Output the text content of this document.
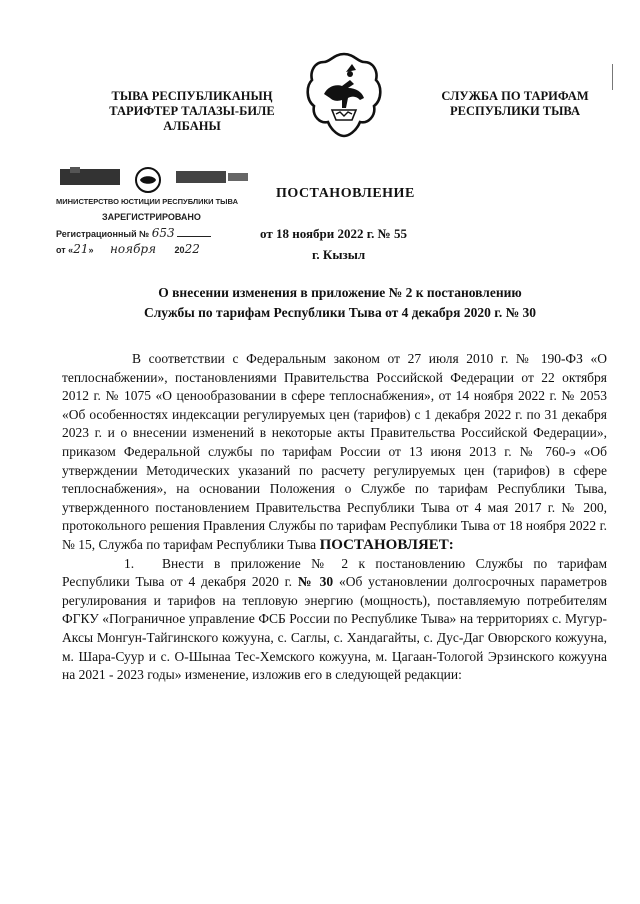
ТЫВА РЕСПУБЛИКАНЫҢ
ТАРИФТЕР ТАЛАЗЫ-БИЛЕ
АЛБАНЫ
СЛУЖБА ПО ТАРИФАМ
РЕСПУБЛИКИ ТЫВА
МИНИСТЕРСТВО ЮСТИЦИИ РЕСПУБЛИКИ ТЫВА
ЗАРЕГИСТРИРОВАНО
Регистрационный № 653
от «21» ноября 2022
ПОСТАНОВЛЕНИЕ
от 18 ноябри 2022 г. № 55
г. Кызыл
О внесении изменения в приложение № 2 к постановлению
Службы по тарифам Республики Тыва от 4 декабря 2020 г. № 30

В соответствии с Федеральным законом от 27 июля 2010 г. № 190-ФЗ «О теплоснабжении», постановлениями Правительства Российской Федерации от 22 октября 2012 г. № 1075 «О ценообразовании в сфере теплоснабжения», от 14 ноября 2022 г. № 2053 «Об особенностях индексации регулируемых цен (тарифов) с 1 декабря 2022 г. по 31 декабря 2023 г. и о внесении изменений в некоторые акты Правительства Российской Федерации», приказом Федеральной службы по тарифам России от 13 июня 2013 г. № 760-э «Об утверждении Методических указаний по расчету регулируемых цен (тарифов) в сфере теплоснабжения», на основании Положения о Службе по тарифам Республики Тыва, утвержденного постановлением Правительства Республики Тыва от 4 мая 2017 г. № 200, протокольного решения Правления Службы по тарифам Республики Тыва от 18 ноября 2022 г. № 15, Служба по тарифам Республики Тыва ПОСТАНОВЛЯЕТ:

1. Внести в приложение № 2 к постановлению Службы по тарифам Республики Тыва от 4 декабря 2020 г. № 30 «Об установлении долгосрочных параметров регулирования и тарифов на тепловую энергию (мощность), поставляемую потребителям ФГКУ «Пограничное управление ФСБ России по Республике Тыва» на территориях с. Мугур-Аксы Монгун-Тайгинского кожууна, с. Саглы, с. Хандагайты, с. Дус-Даг Овюрского кожууна, м. Шара-Суур и с. О-Шынаа Тес-Хемского кожууна, м. Цагаан-Тологой Эрзинского кожууна на 2021 - 2023 годы» изменение, изложив его в следующей редакции:
